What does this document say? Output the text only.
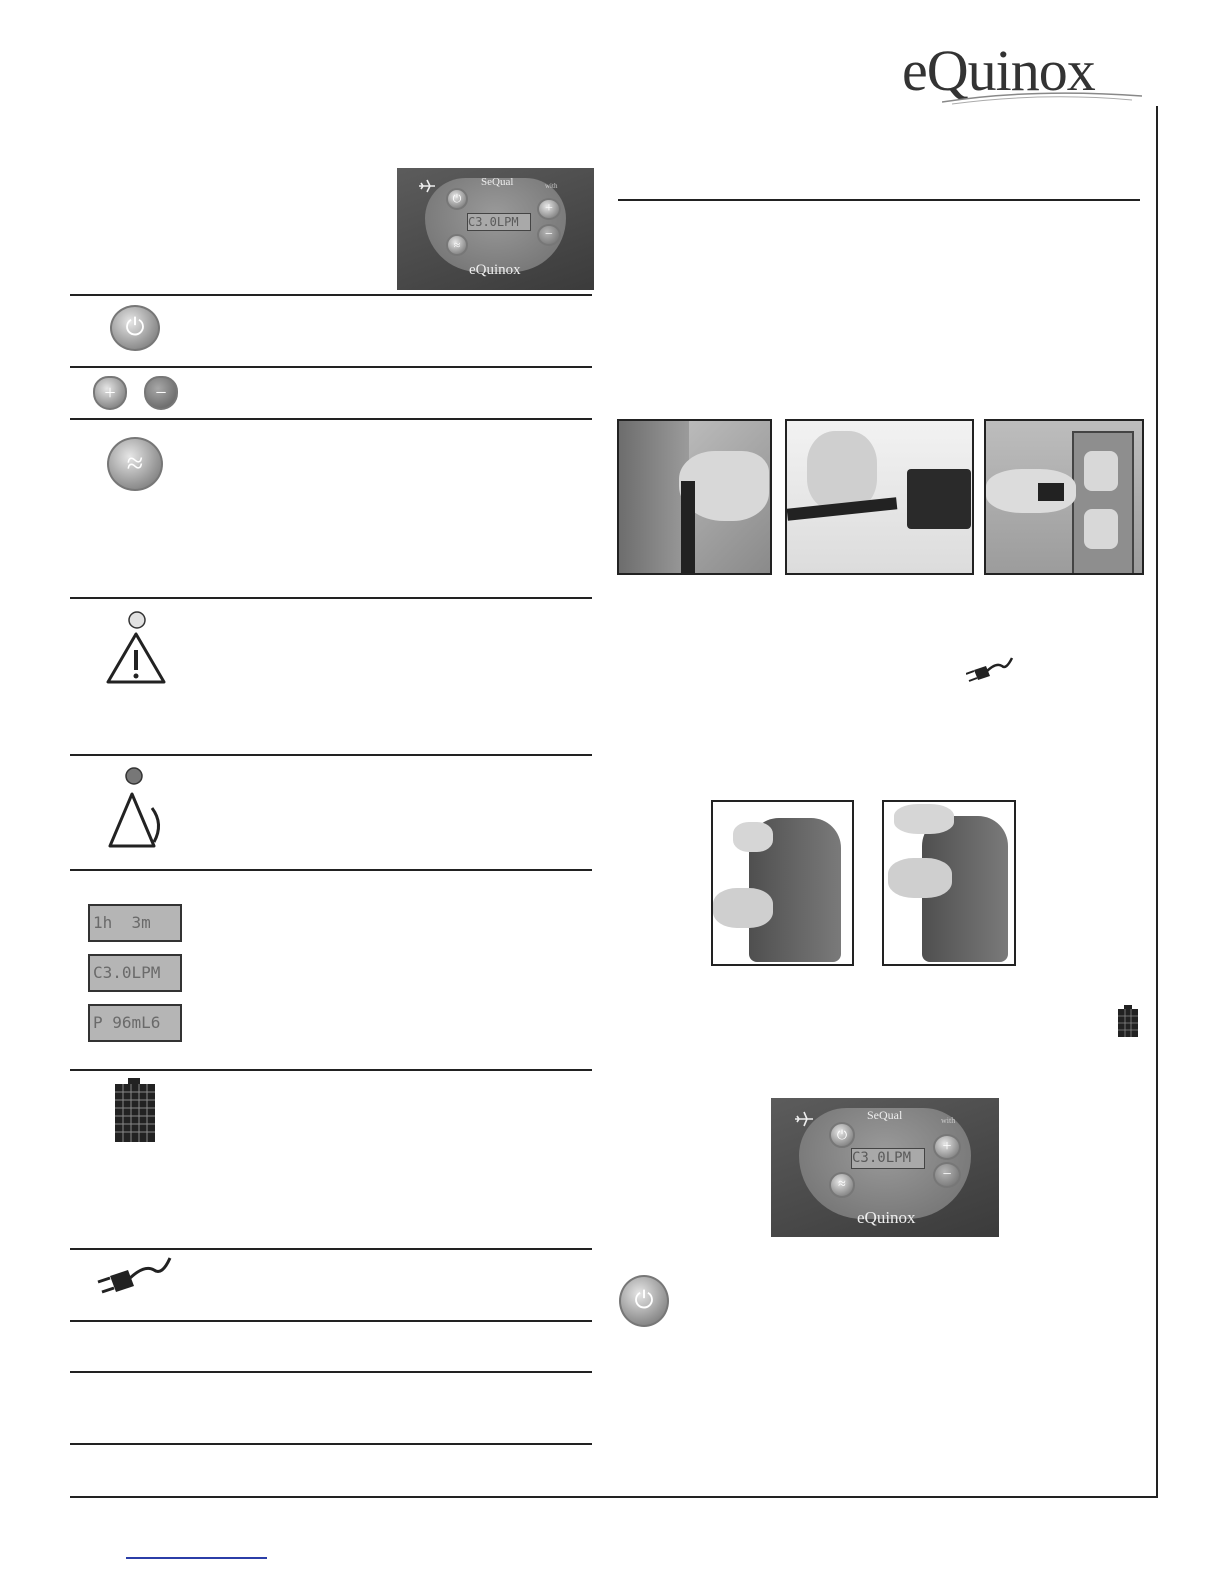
eQuinox
SeQual	with
C3.0LPM
⏻
+
−
≈
eQuinox
⏻
+	−
≈
1h  3m
C3.0LPM
P 96mL6
SeQual	with
C3.0LPM
⏻
+
−
≈
eQuinox
⏻
